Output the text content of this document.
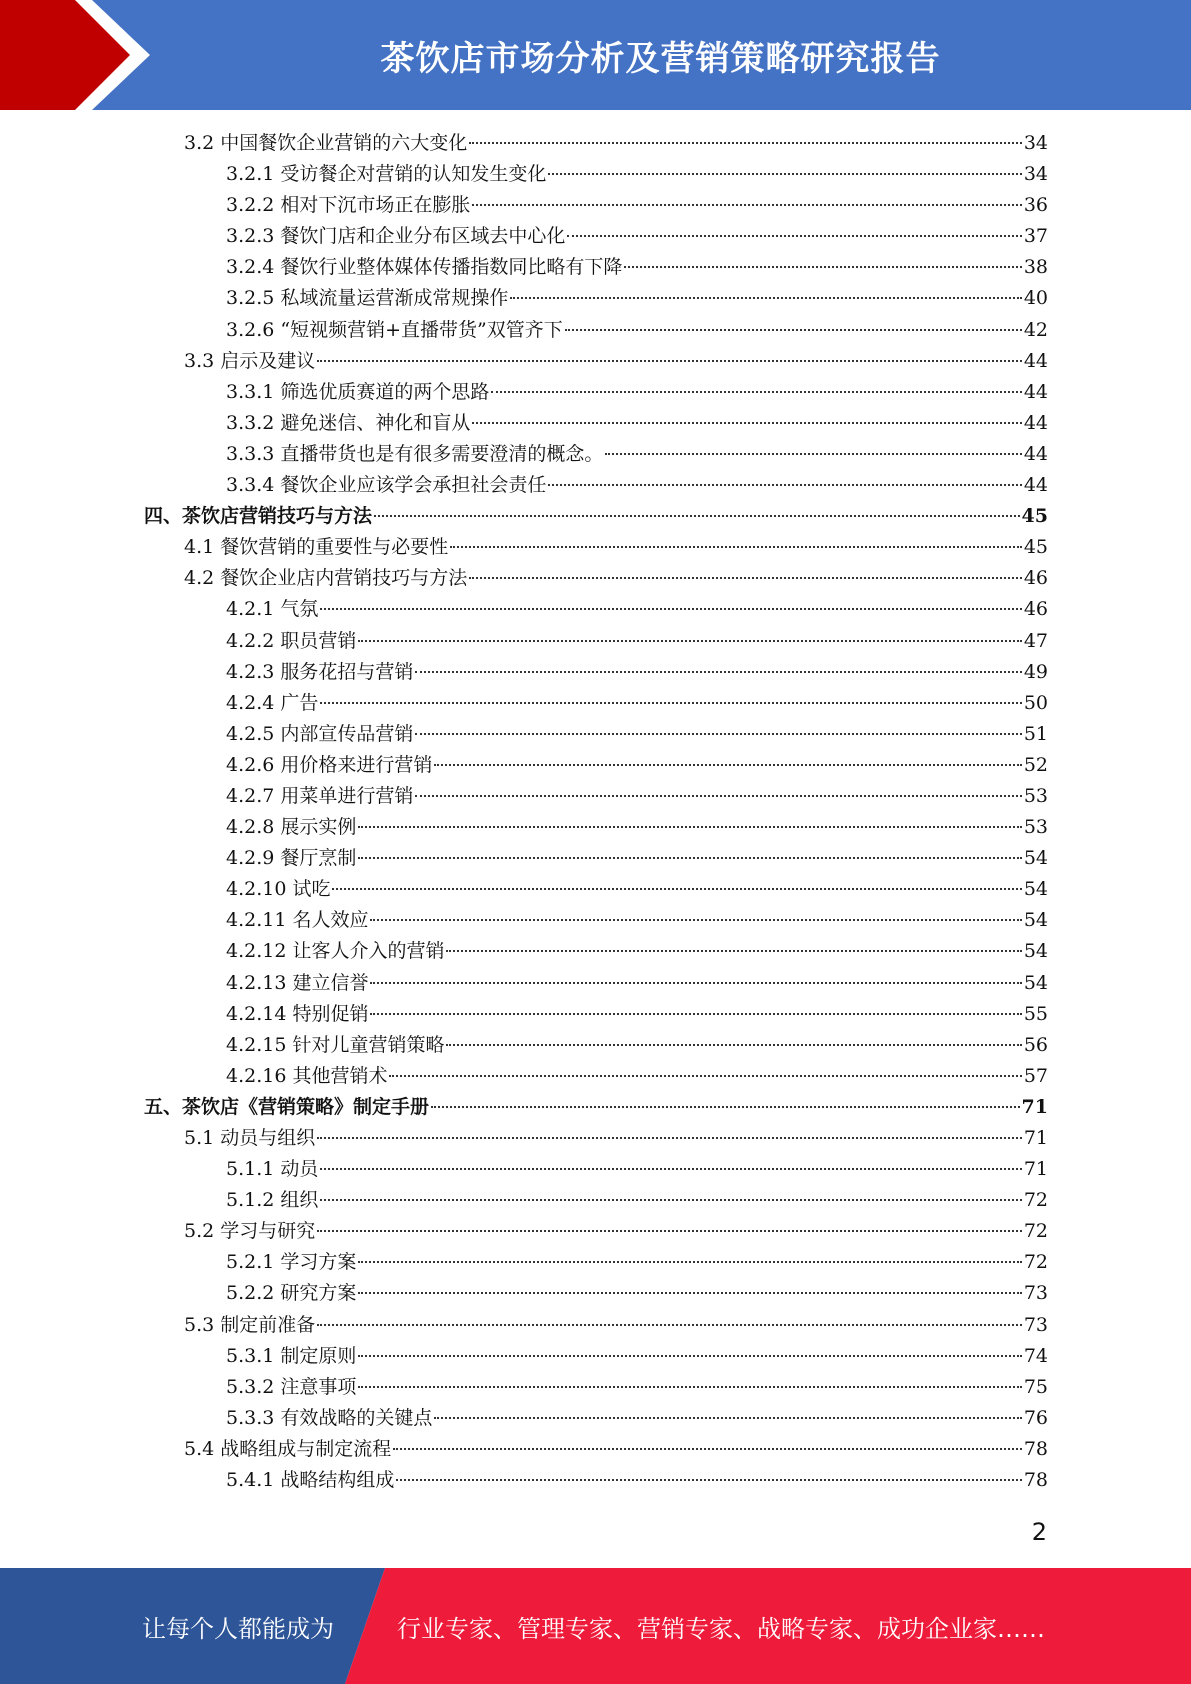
茶饮店市场分析及营销策略研究报告
3.2 中国餐饮企业营销的六大变化	34
3.2.1 受访餐企对营销的认知发生变化	34
3.2.2 相对下沉市场正在膨胀	36
3.2.3 餐饮门店和企业分布区域去中心化	37
3.2.4 餐饮行业整体媒体传播指数同比略有下降	38
3.2.5 私域流量运营渐成常规操作	40
3.2.6 “短视频营销+直播带货”双管齐下	42
3.3 启示及建议	44
3.3.1 筛选优质赛道的两个思路	44
3.3.2 避免迷信、神化和盲从	44
3.3.3 直播带货也是有很多需要澄清的概念。	44
3.3.4 餐饮企业应该学会承担社会责任	44
四、茶饮店营销技巧与方法	45
4.1 餐饮营销的重要性与必要性	45
4.2 餐饮企业店内营销技巧与方法	46
4.2.1 气氛	46
4.2.2 职员营销	47
4.2.3 服务花招与营销	49
4.2.4 广告	50
4.2.5 内部宣传品营销	51
4.2.6 用价格来进行营销	52
4.2.7 用菜单进行营销	53
4.2.8 展示实例	53
4.2.9 餐厅烹制	54
4.2.10 试吃	54
4.2.11 名人效应	54
4.2.12 让客人介入的营销	54
4.2.13 建立信誉	54
4.2.14 特别促销	55
4.2.15 针对儿童营销策略	56
4.2.16 其他营销术	57
五、茶饮店《营销策略》制定手册	71
5.1 动员与组织	71
5.1.1 动员	71
5.1.2 组织	72
5.2 学习与研究	72
5.2.1 学习方案	72
5.2.2 研究方案	73
5.3 制定前准备	73
5.3.1 制定原则	74
5.3.2 注意事项	75
5.3.3 有效战略的关键点	76
5.4 战略组成与制定流程	78
5.4.1 战略结构组成	78
2
让每个人都能成为	行业专家、管理专家、营销专家、战略专家、成功企业家……
